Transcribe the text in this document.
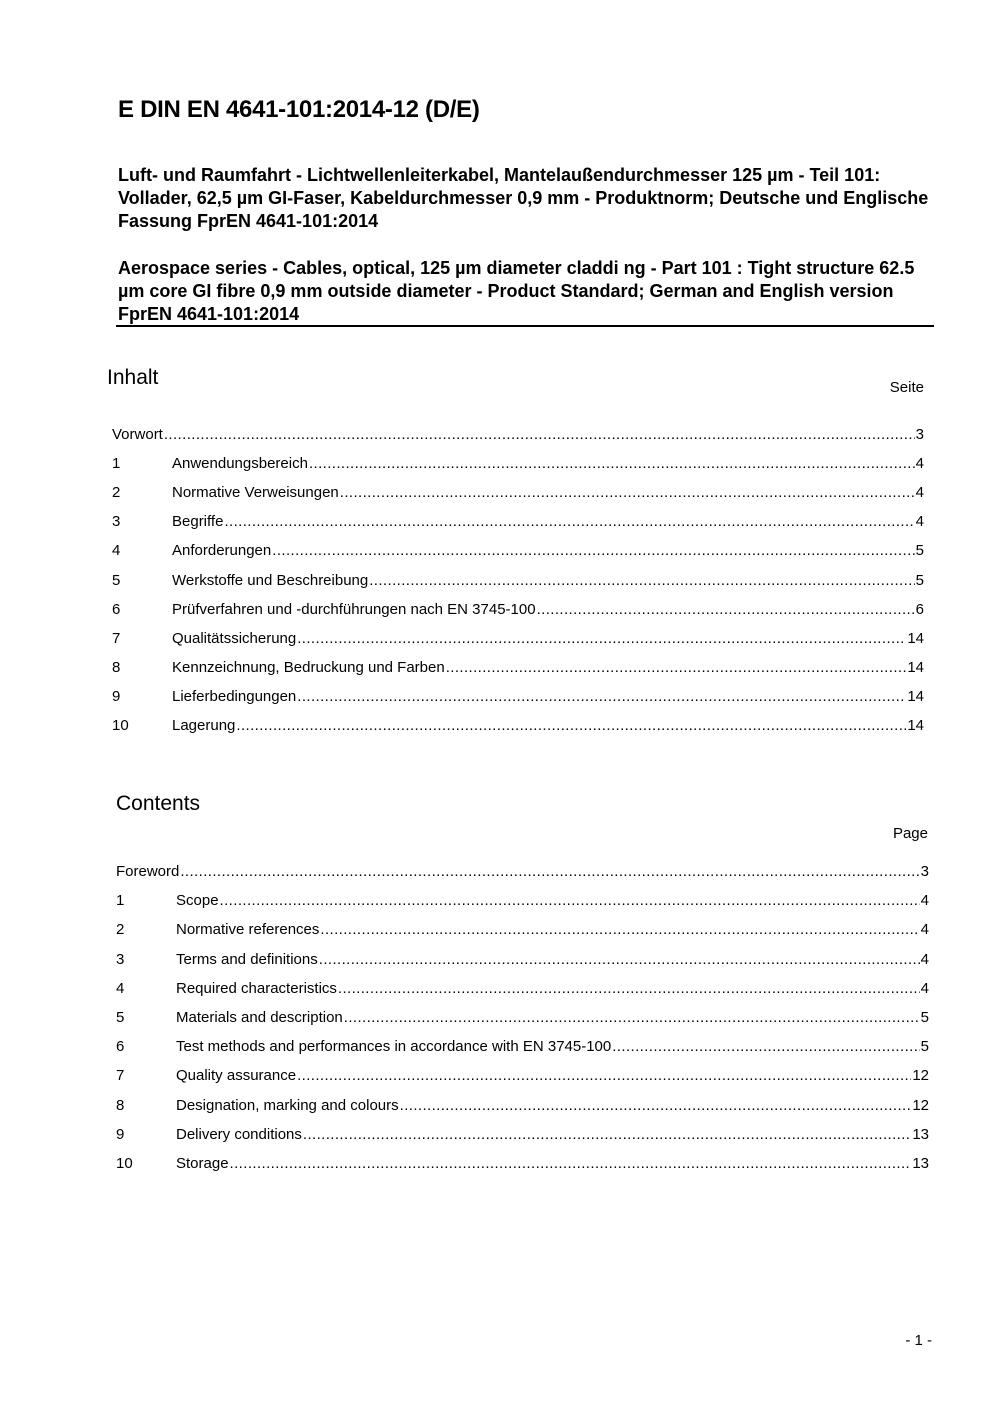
E DIN EN 4641-101:2014-12 (D/E)

Luft- und Raumfahrt - Lichtwellenleiterkabel, Mantelaußendurchmesser 125 µm - Teil 101: Vollader, 62,5 µm GI-Faser, Kabeldurchmesser 0,9 mm - Produktnorm; Deutsche und Englische Fassung FprEN 4641-101:2014

Aerospace series - Cables, optical, 125 µm diameter claddi ng - Part 101 : Tight structure 62.5 µm core GI fibre 0,9 mm outside diameter - Product Standard; German and English version FprEN 4641-101:2014

Inhalt	Seite
Vorwort .....	3
1	Anwendungsbereich .....	4
2	Normative Verweisungen .....	4
3	Begriffe .....	4
4	Anforderungen .....	5
5	Werkstoffe und Beschreibung .....	5
6	Prüfverfahren und -durchführungen nach EN 3745-100 .....	6
7	Qualitätssicherung .....	14
8	Kennzeichnung, Bedruckung und Farben .....	14
9	Lieferbedingungen .....	14
10	Lagerung .....	14
Contents
Page
Foreword .....	3
1	Scope .....	4
2	Normative references .....	4
3	Terms and definitions .....	4
4	Required characteristics .....	4
5	Materials and description .....	5
6	Test methods and performances in accordance with EN 3745-100 .....	5
7	Quality assurance .....	12
8	Designation, marking and colours .....	12
9	Delivery conditions .....	13
10	Storage .....	13
- 1 -
